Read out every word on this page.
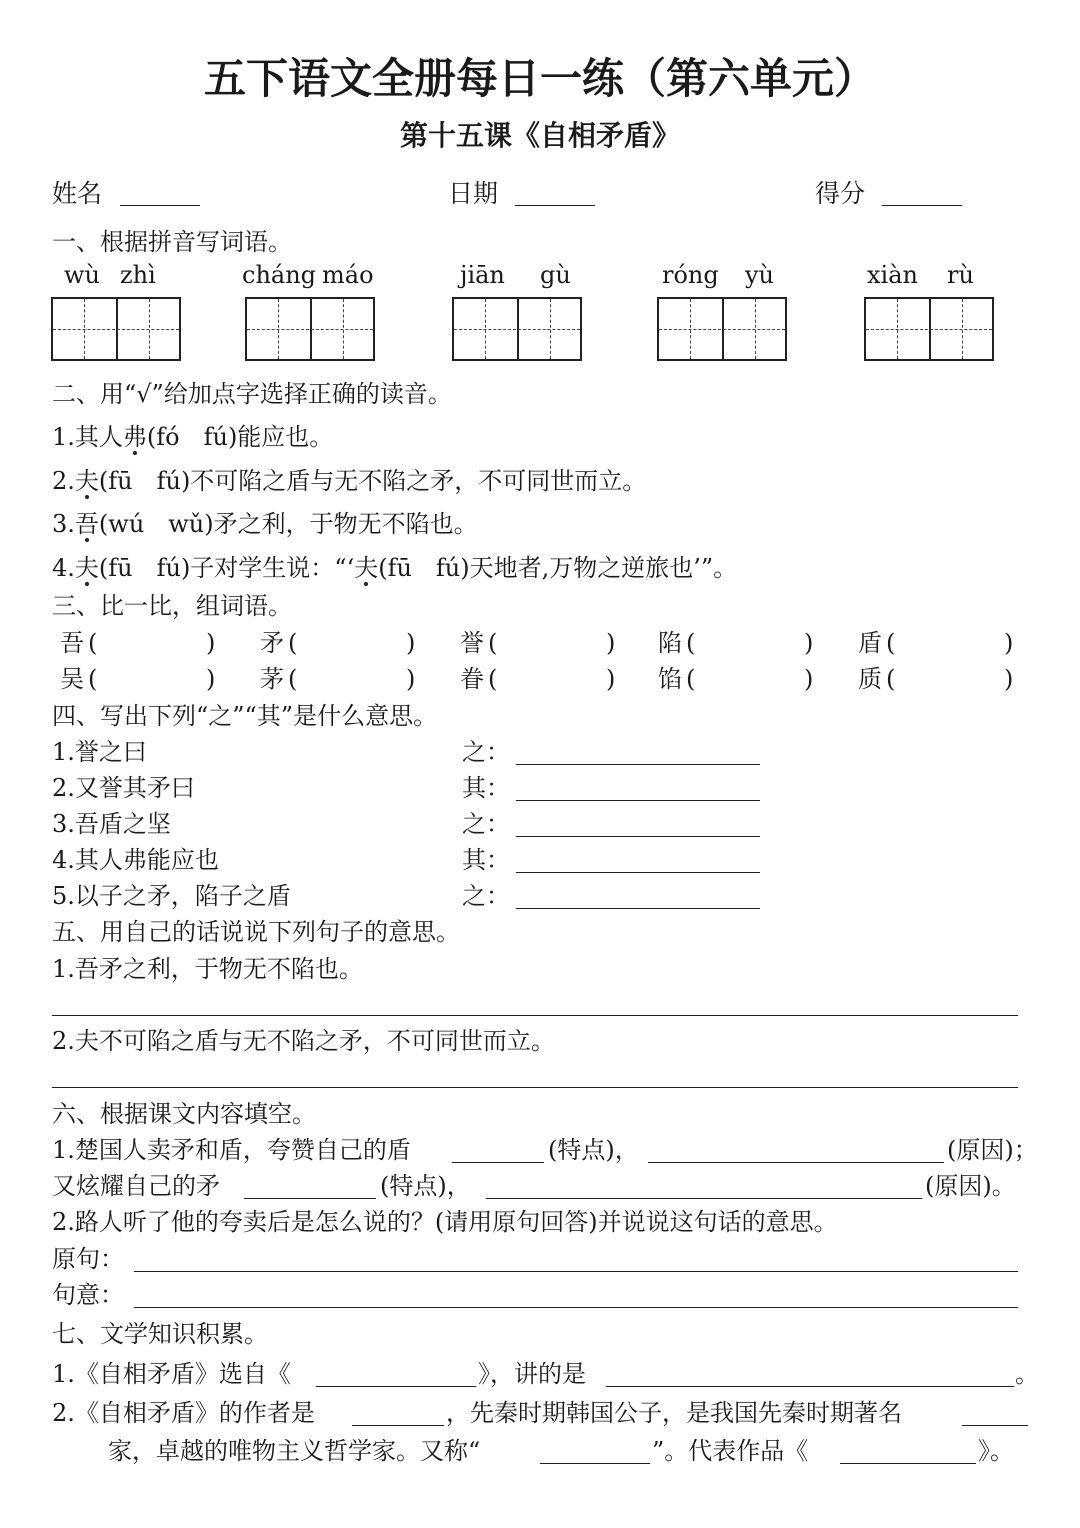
五下语文全册每日一练（第六单元）
第十五课《自相矛盾》
姓名	日期	得分
一、根据拼音写词语。
wù zhì	cháng máo	jiān gù	róng yù	xiàn rù
二、用“√”给加点字选择正确的读音。
1.其人弗(fó　fú)能应也。
2.夫(fū　fú)不可陷之盾与无不陷之矛，不可同世而立。
3.吾(wú　wǔ)矛之利，于物无不陷也。
4.夫(fū　fú)子对学生说：“‘夫(fū　fú)天地者,万物之逆旅也’”。
三、比一比，组词语。
吾 (	) 矛 (	) 誉 (	) 陷 (	) 盾 (	)
吴 (	) 茅 (	) 眷 (	) 馅 (	) 质 (	)
四、写出下列“之”“其”是什么意思。
1.誉之曰	之：
2.又誉其矛曰	其：
3.吾盾之坚	之：
4.其人弗能应也	其：
5.以子之矛，陷子之盾	之：
五、用自己的话说说下列句子的意思。
1.吾矛之利，于物无不陷也。
2.夫不可陷之盾与无不陷之矛，不可同世而立。
六、根据课文内容填空。
1.楚国人卖矛和盾，夸赞自己的盾	(特点)，	(原因)；
又炫耀自己的矛	(特点)，	(原因)。
2.路人听了他的夸卖后是怎么说的？(请用原句回答)并说说这句话的意思。
原句：
句意：
七、文学知识积累。
1.《自相矛盾》选自《	》，讲的是	。
2.《自相矛盾》的作者是	，先秦时期韩国公子，是我国先秦时期著名
家，卓越的唯物主义哲学家。又称“	”。代表作品《	》。
